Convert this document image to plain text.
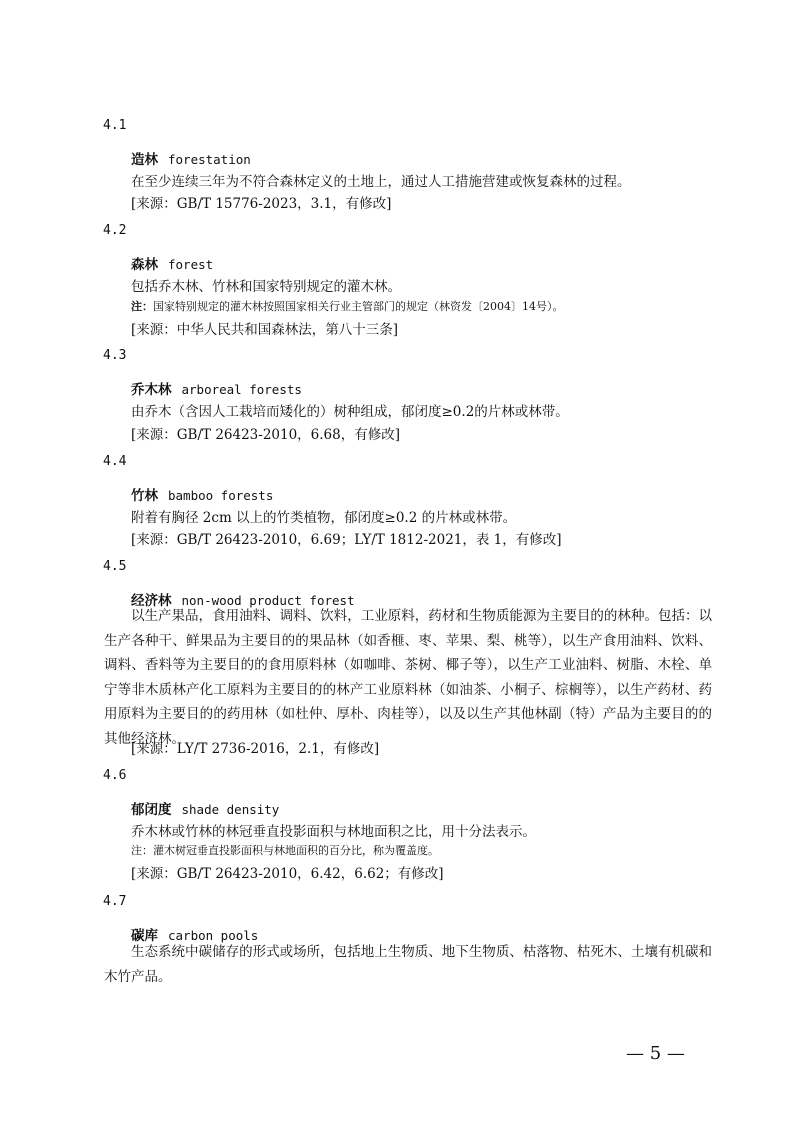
4.1
造林 forestation
在至少连续三年为不符合森林定义的土地上，通过人工措施营建或恢复森林的过程。
[来源：GB/T 15776-2023，3.1，有修改]
4.2
森林 forest
包括乔木林、竹林和国家特别规定的灌木林。
注：国家特别规定的灌木林按照国家相关行业主管部门的规定（林资发〔2004〕14号）。
[来源：中华人民共和国森林法，第八十三条]
4.3
乔木林 arboreal forests
由乔木（含因人工栽培而矮化的）树种组成，郁闭度≥0.2的片林或林带。
[来源：GB/T 26423-2010，6.68，有修改]
4.4
竹林 bamboo forests
附着有胸径 2cm 以上的竹类植物，郁闭度≥0.2 的片林或林带。
[来源：GB/T 26423-2010，6.69；LY/T 1812-2021，表 1，有修改]
4.5
经济林 non-wood product forest
以生产果品，食用油料、调料、饮料，工业原料，药材和生物质能源为主要目的的林种。包括：以生产各种干、鲜果品为主要目的的果品林（如香榧、枣、苹果、梨、桃等），以生产食用油料、饮料、调料、香料等为主要目的的食用原料林（如咖啡、茶树、椰子等），以生产工业油料、树脂、木栓、单宁等非木质林产化工原料为主要目的的林产工业原料林（如油茶、小桐子、棕榈等），以生产药材、药用原料为主要目的的药用林（如杜仲、厚朴、肉桂等），以及以生产其他林副（特）产品为主要目的的其他经济林。
[来源：LY/T 2736-2016，2.1，有修改]
4.6
郁闭度 shade density
乔木林或竹林的林冠垂直投影面积与林地面积之比，用十分法表示。
注：灌木树冠垂直投影面积与林地面积的百分比，称为覆盖度。
[来源：GB/T 26423-2010，6.42，6.62；有修改]
4.7
碳库 carbon pools
生态系统中碳储存的形式或场所，包括地上生物质、地下生物质、枯落物、枯死木、土壤有机碳和木竹产品。
— 5 —
